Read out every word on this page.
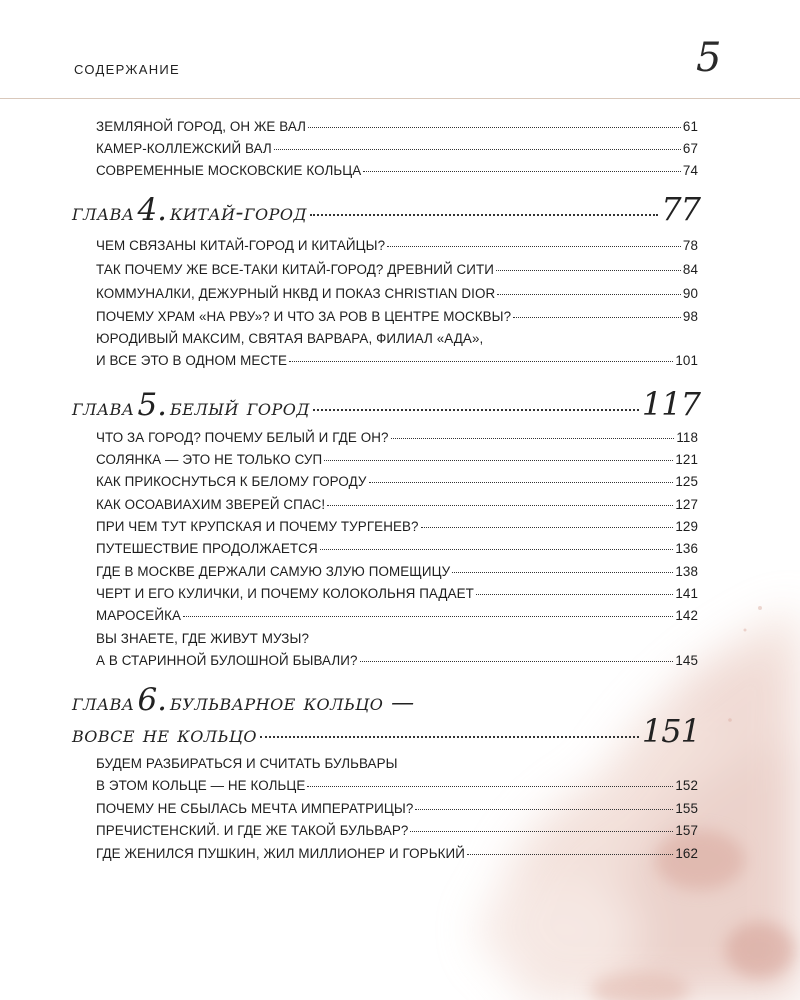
СОДЕРЖАНИЕ	5
ЗЕМЛЯНОЙ ГОРОД, ОН ЖЕ ВАЛ	61
КАМЕР-КОЛЛЕЖСКИЙ ВАЛ	67
СОВРЕМЕННЫЕ МОСКОВСКИЕ КОЛЬЦА	74
глава 4. китай-город	77
ЧЕМ СВЯЗАНЫ КИТАЙ-ГОРОД И КИТАЙЦЫ?	78
ТАК ПОЧЕМУ ЖЕ ВСЕ-ТАКИ КИТАЙ-ГОРОД? ДРЕВНИЙ СИТИ	84
КОММУНАЛКИ, ДЕЖУРНЫЙ НКВД И ПОКАЗ CHRISTIAN DIOR	90
ПОЧЕМУ ХРАМ «НА РВУ»? И ЧТО ЗА РОВ В ЦЕНТРЕ МОСКВЫ?	98
ЮРОДИВЫЙ МАКСИМ, СВЯТАЯ ВАРВАРА, ФИЛИАЛ «АДА»,
И ВСЕ ЭТО В ОДНОМ МЕСТЕ	101
глава 5. белый город	117
ЧТО ЗА ГОРОД? ПОЧЕМУ БЕЛЫЙ И ГДЕ ОН?	118
СОЛЯНКА — ЭТО НЕ ТОЛЬКО СУП	121
КАК ПРИКОСНУТЬСЯ К БЕЛОМУ ГОРОДУ	125
КАК ОСОАВИАХИМ ЗВЕРЕЙ СПАС!	127
ПРИ ЧЕМ ТУТ КРУПСКАЯ И ПОЧЕМУ ТУРГЕНЕВ?	129
ПУТЕШЕСТВИЕ ПРОДОЛЖАЕТСЯ	136
ГДЕ В МОСКВЕ ДЕРЖАЛИ САМУЮ ЗЛУЮ ПОМЕЩИЦУ	138
ЧЕРТ И ЕГО КУЛИЧКИ, И ПОЧЕМУ КОЛОКОЛЬНЯ ПАДАЕТ	141
МАРОСЕЙКА	142
ВЫ ЗНАЕТЕ, ГДЕ ЖИВУТ МУЗЫ?
А В СТАРИННОЙ БУЛОШНОЙ БЫВАЛИ?	145
глава 6. бульварное кольцо —
вовсе не кольцо	151
БУДЕМ РАЗБИРАТЬСЯ И СЧИТАТЬ БУЛЬВАРЫ
В ЭТОМ КОЛЬЦЕ — НЕ КОЛЬЦЕ	152
ПОЧЕМУ НЕ СБЫЛАСЬ МЕЧТА ИМПЕРАТРИЦЫ?	155
ПРЕЧИСТЕНСКИЙ. И ГДЕ ЖЕ ТАКОЙ БУЛЬВАР?	157
ГДЕ ЖЕНИЛСЯ ПУШКИН, ЖИЛ МИЛЛИОНЕР И ГОРЬКИЙ	162
